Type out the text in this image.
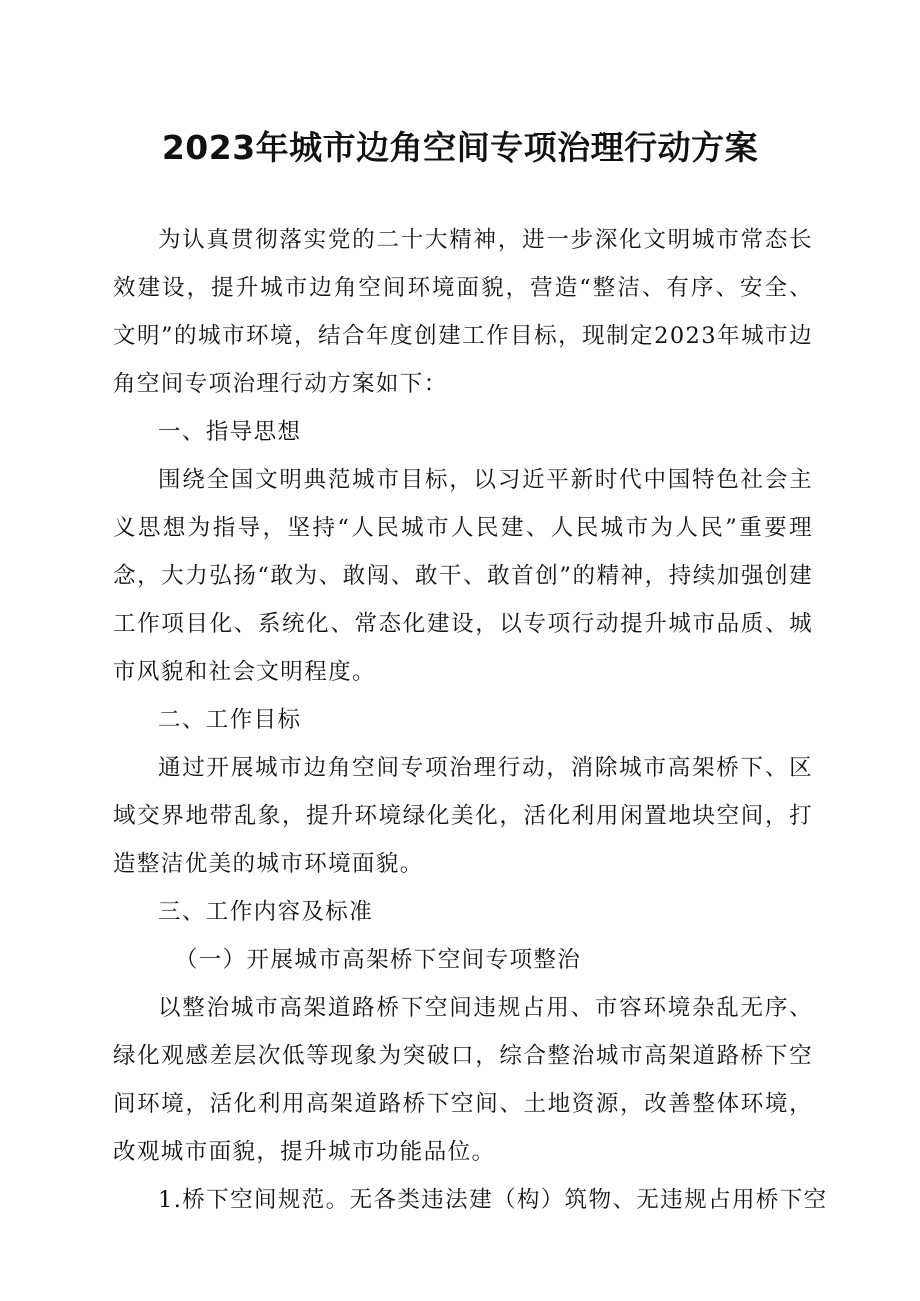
2023年城市边角空间专项治理行动方案

为认真贯彻落实党的二十大精神，进一步深化文明城市常态长效建设，提升城市边角空间环境面貌，营造“整洁、有序、安全、文明”的城市环境，结合年度创建工作目标，现制定2023年城市边角空间专项治理行动方案如下：

一、指导思想

围绕全国文明典范城市目标，以习近平新时代中国特色社会主义思想为指导，坚持“人民城市人民建、人民城市为人民”重要理念，大力弘扬“敢为、敢闯、敢干、敢首创”的精神，持续加强创建工作项目化、系统化、常态化建设，以专项行动提升城市品质、城市风貌和社会文明程度。

二、工作目标

通过开展城市边角空间专项治理行动，消除城市高架桥下、区域交界地带乱象，提升环境绿化美化，活化利用闲置地块空间，打造整洁优美的城市环境面貌。

三、工作内容及标准

（一）开展城市高架桥下空间专项整治

以整治城市高架道路桥下空间违规占用、市容环境杂乱无序、绿化观感差层次低等现象为突破口，综合整治城市高架道路桥下空间环境，活化利用高架道路桥下空间、土地资源，改善整体环境，改观城市面貌，提升城市功能品位。

1.桥下空间规范。无各类违法建（构）筑物、无违规占用桥下空
